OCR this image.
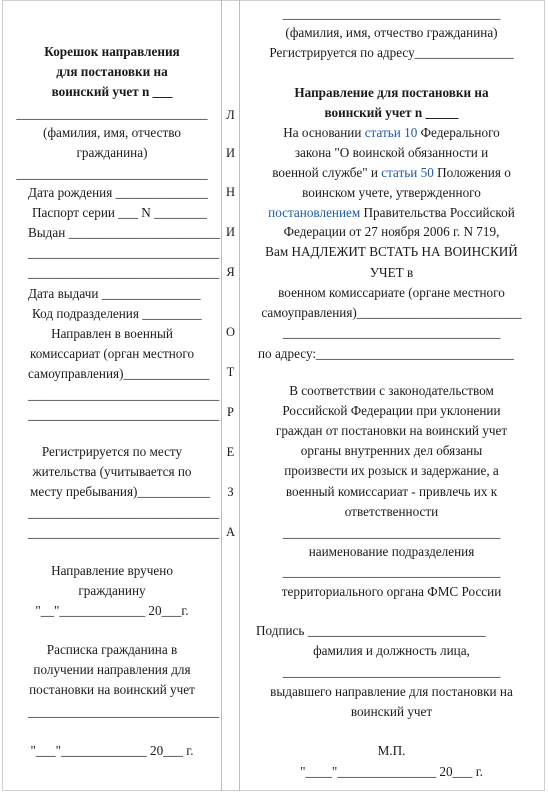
Корешок направления
для постановки на
воинский учет n ___
_____________________________
(фамилия, имя, отчество
гражданина)
_____________________________
Дата рождения ______________
Паспорт серии ___ N ________
Выдан _______________________
_____________________________
_____________________________
Дата выдачи _______________
Код подразделения _________
Направлен в военный
комиссариат (орган местного
самоуправления)_____________
_____________________________
_____________________________
Регистрируется по месту
жительства (учитывается по
месту пребывания)___________
_____________________________
_____________________________
Направление вручено
гражданину
"__"_____________ 20___г.
Расписка гражданина в
получении направления для
постановки на воинский учет
_____________________________
"___"_____________ 20___ г.
Л
И
Н
И
Я
О
Т
Р
Е
З
А
_________________________________
(фамилия, имя, отчество гражданина)
Регистрируется по адресу_______________
Направление для постановки на
воинский учет n _____
На основании статьи 10 Федерального
закона "О воинской обязанности и
военной службе" и статьи 50 Положения о
воинском учете, утвержденного
постановлением Правительства Российской
Федерации от 27 ноября 2006 г. N 719,
Вам НАДЛЕЖИТ ВСТАТЬ НА ВОИНСКИЙ
УЧЕТ в
военном комиссариате (органе местного
самоуправления)_________________________
_________________________________
по адресу:______________________________
В соответствии с законодательством
Российской Федерации при уклонении
граждан от постановки на воинский учет
органы внутренних дел обязаны
произвести их розыск и задержание, а
военный комиссариат - привлечь их к
ответственности
_________________________________
наименование подразделения
_________________________________
территориального органа ФМС России
Подпись ___________________________
фамилия и должность лица,
_________________________________
выдавшего направление для постановки на
воинский учет
М.П.
"____"_______________ 20___ г.
